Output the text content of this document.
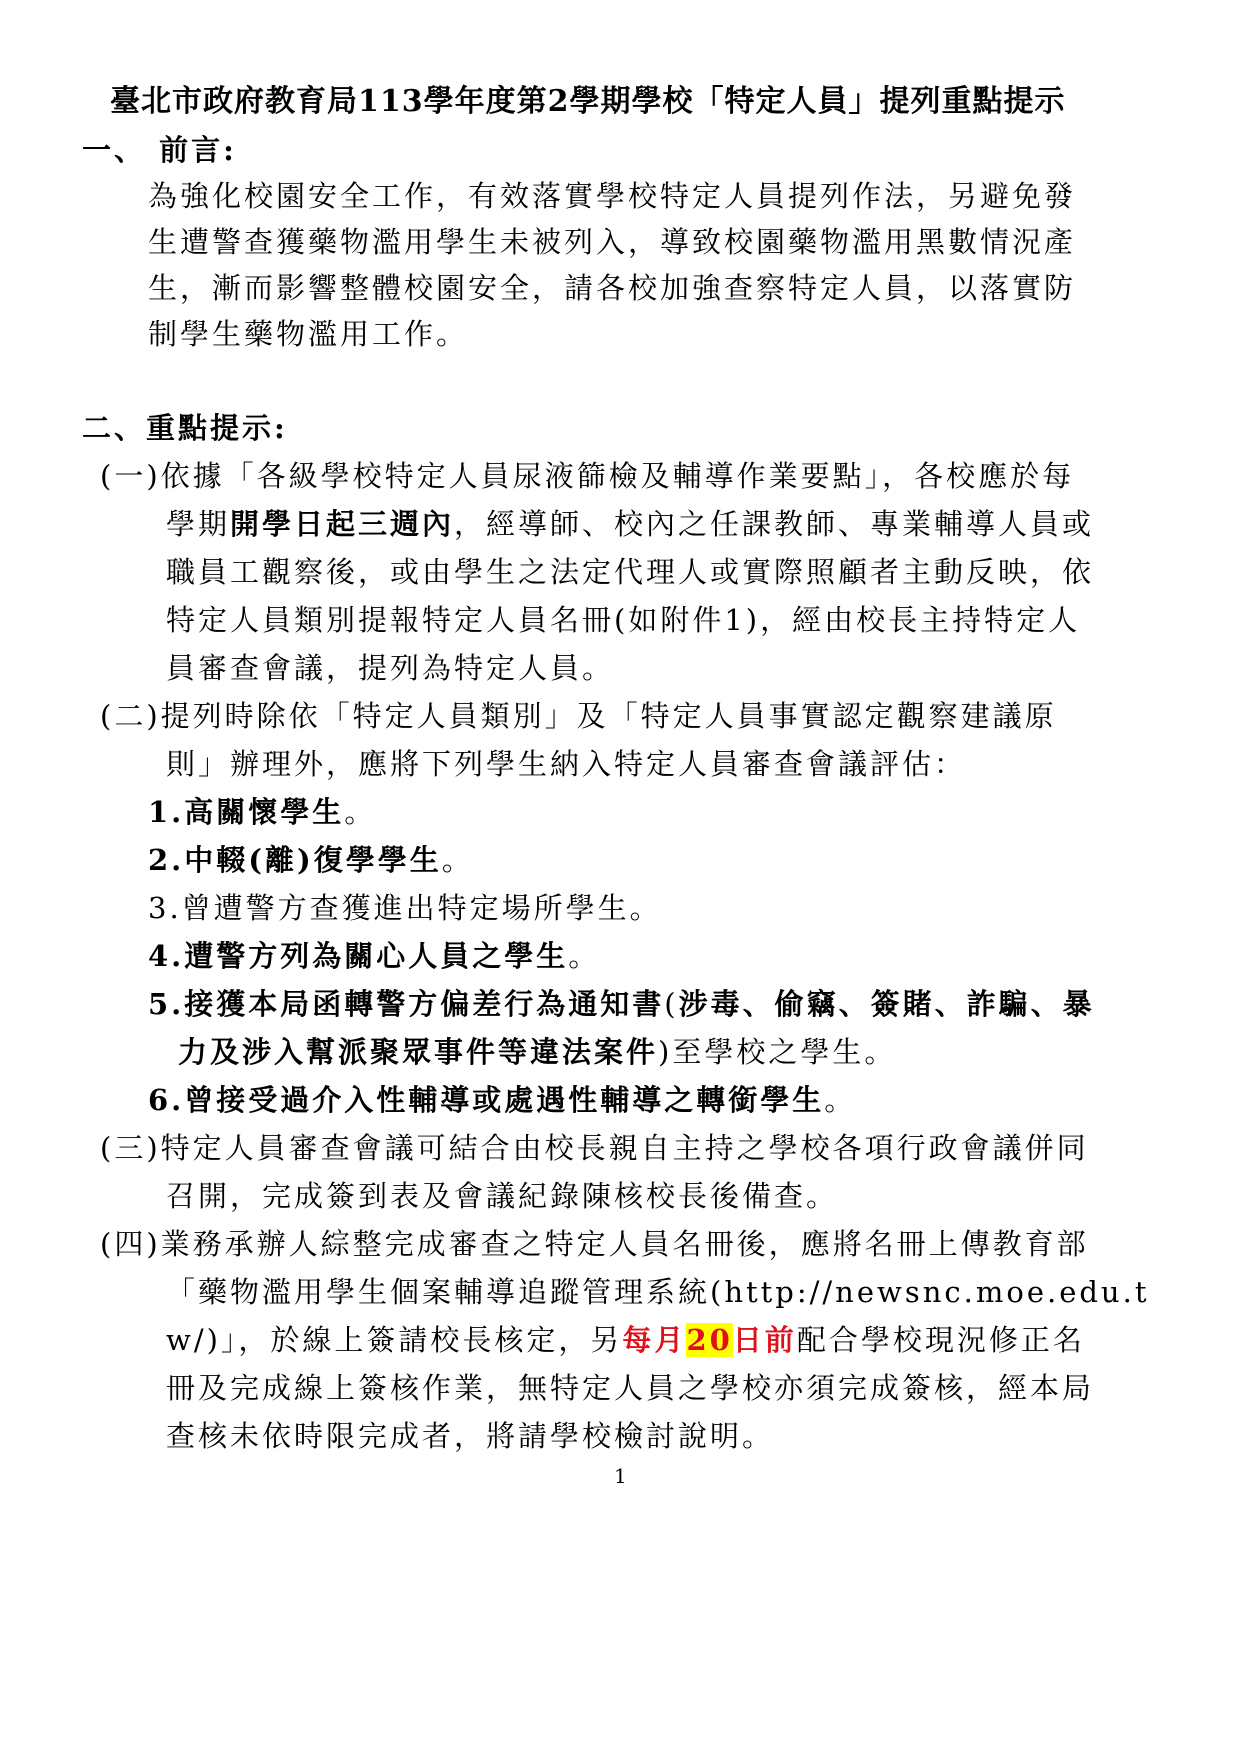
臺北市政府教育局113學年度第2學期學校「特定人員」提列重點提示
一、 前言:
為強化校園安全工作，有效落實學校特定人員提列作法，另避免發
生遭警查獲藥物濫用學生未被列入，導致校園藥物濫用黑數情況產
生，漸而影響整體校園安全，請各校加強查察特定人員，以落實防
制學生藥物濫用工作。
二、重點提示:
(一)依據「各級學校特定人員尿液篩檢及輔導作業要點」，各校應於每
學期開學日起三週內，經導師、校內之任課教師、專業輔導人員或
職員工觀察後，或由學生之法定代理人或實際照顧者主動反映，依
特定人員類別提報特定人員名冊(如附件1)，經由校長主持特定人
員審查會議，提列為特定人員。
(二)提列時除依「特定人員類別」及「特定人員事實認定觀察建議原
則」辦理外，應將下列學生納入特定人員審查會議評估：
1.高關懷學生。
2.中輟(離)復學學生。
3.曾遭警方查獲進出特定場所學生。
4.遭警方列為關心人員之學生。
5.接獲本局函轉警方偏差行為通知書(涉毒、偷竊、簽賭、詐騙、暴
力及涉入幫派聚眾事件等違法案件)至學校之學生。
6.曾接受過介入性輔導或處遇性輔導之轉銜學生。
(三)特定人員審查會議可結合由校長親自主持之學校各項行政會議併同
召開，完成簽到表及會議紀錄陳核校長後備查。
(四)業務承辦人綜整完成審查之特定人員名冊後，應將名冊上傳教育部
「藥物濫用學生個案輔導追蹤管理系統(http://newsnc.moe.edu.t
w/)」，於線上簽請校長核定，另每月20日前配合學校現況修正名
冊及完成線上簽核作業，無特定人員之學校亦須完成簽核，經本局
查核未依時限完成者，將請學校檢討說明。
1
